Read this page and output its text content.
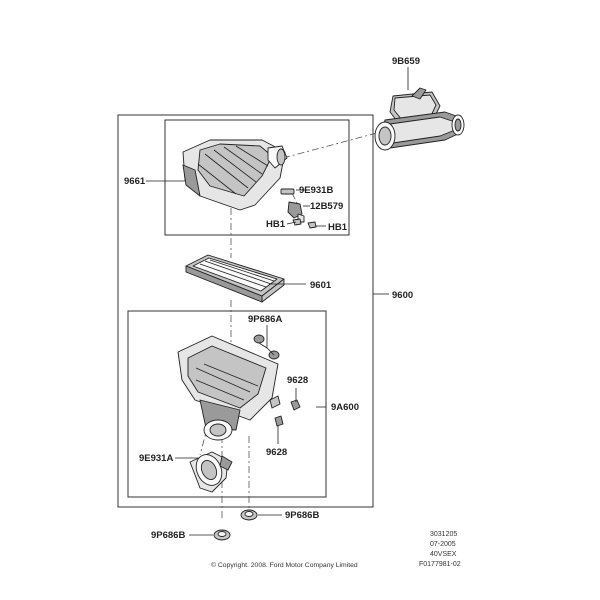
9B659
9661
9E931B
12B579
HB1	HB1
9601
9600
9P686A
9628
9628
9A600
9E931A
9P686B
9P686B	3031205
07-2005
40VSEX
F0177981-02
© Copyright. 2008. Ford Motor Company Limited
